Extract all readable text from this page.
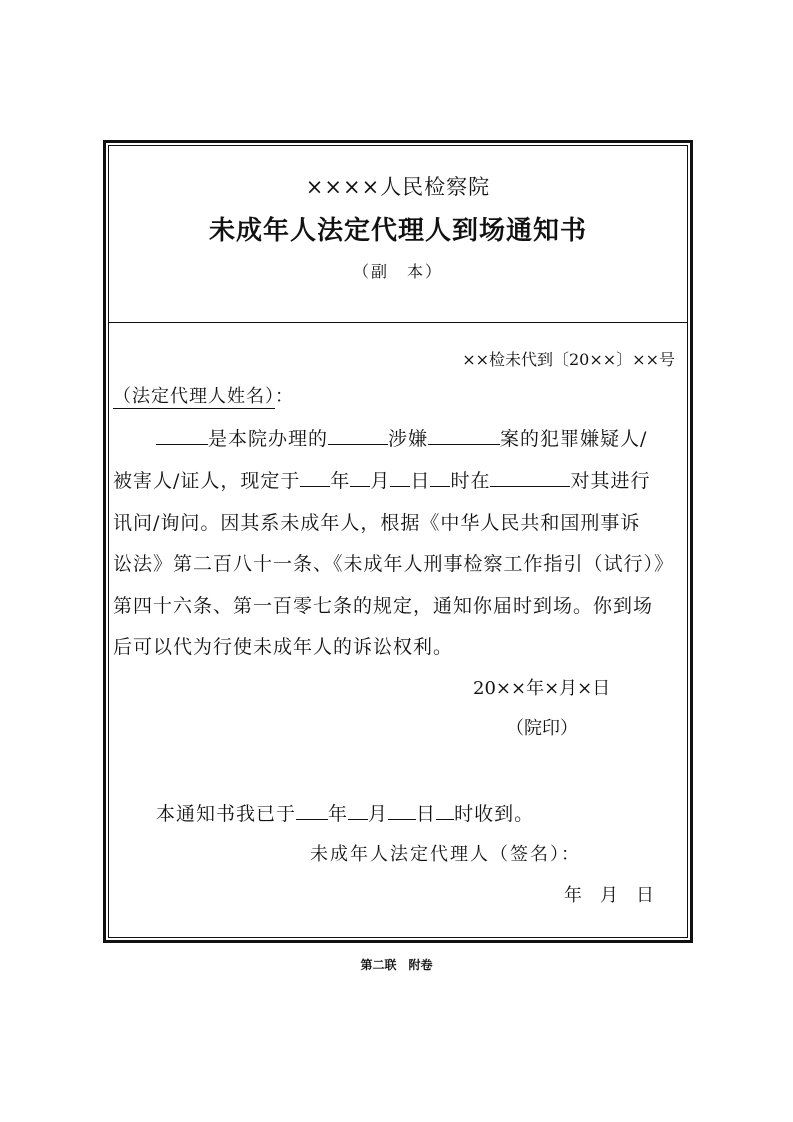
××××人民检察院
未成年人法定代理人到场通知书
（副　本）
××检未代到〔20××〕××号
（法定代理人姓名）：
是本院办理的	涉嫌	案的犯罪嫌疑人/
被害人/证人，现定于 年 月 日 时在	对其进行
讯问/询问。因其系未成年人，根据《中华人民共和国刑事诉
讼法》第二百八十一条、《未成年人刑事检察工作指引（试行）》
第四十六条、第一百零七条的规定，通知你届时到场。你到场
后可以代为行使未成年人的诉讼权利。
20××年×月×日
（院印）
本通知书我已于 年 月 日 时收到。
未成年人法定代理人（签名）：
年　月　日
第二联　附卷
